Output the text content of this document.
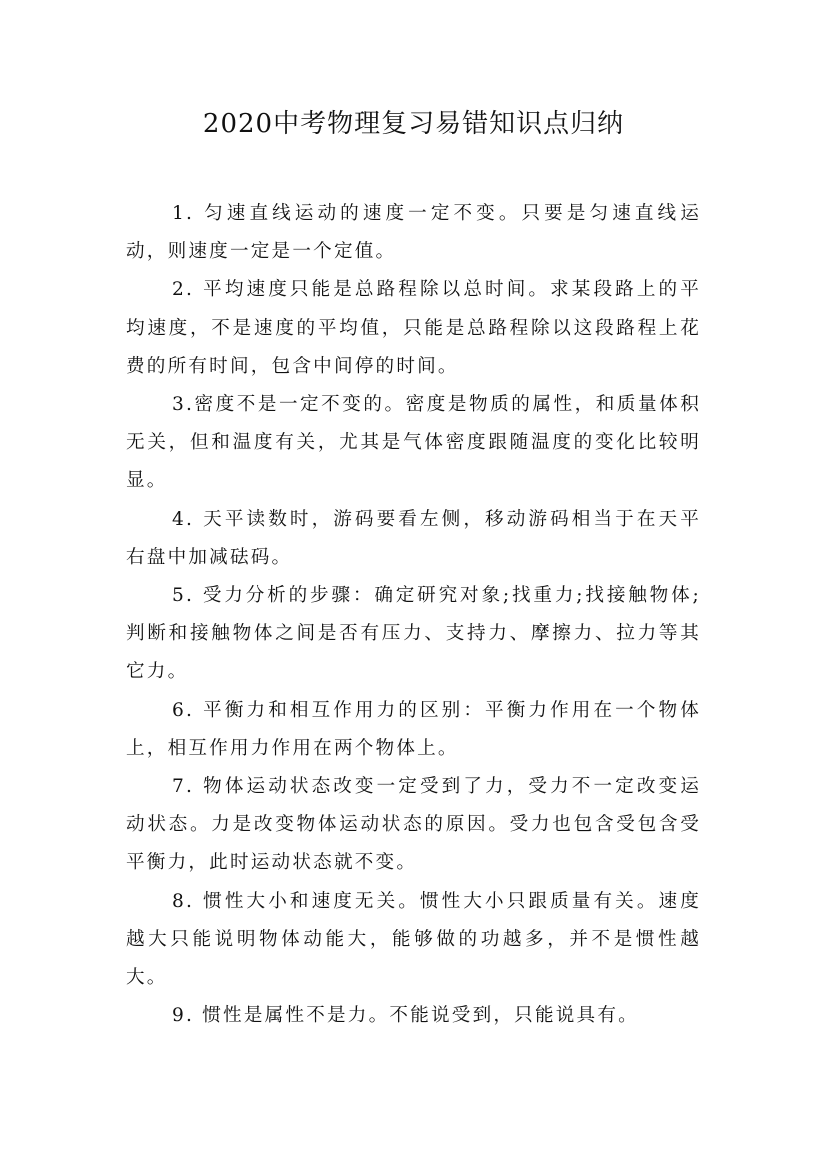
2020中考物理复习易错知识点归纳

1. 匀速直线运动的速度一定不变。只要是匀速直线运动，则速度一定是一个定值。

2. 平均速度只能是总路程除以总时间。求某段路上的平均速度，不是速度的平均值，只能是总路程除以这段路程上花费的所有时间，包含中间停的时间。

3.密度不是一定不变的。密度是物质的属性，和质量体积无关，但和温度有关，尤其是气体密度跟随温度的变化比较明显。

4. 天平读数时，游码要看左侧，移动游码相当于在天平右盘中加减砝码。

5. 受力分析的步骤：确定研究对象;找重力;找接触物体;判断和接触物体之间是否有压力、支持力、摩擦力、拉力等其它力。

6. 平衡力和相互作用力的区别：平衡力作用在一个物体上，相互作用力作用在两个物体上。

7. 物体运动状态改变一定受到了力，受力不一定改变运动状态。力是改变物体运动状态的原因。受力也包含受包含受平衡力，此时运动状态就不变。

8. 惯性大小和速度无关。惯性大小只跟质量有关。速度越大只能说明物体动能大，能够做的功越多，并不是惯性越大。

9. 惯性是属性不是力。不能说受到，只能说具有。
